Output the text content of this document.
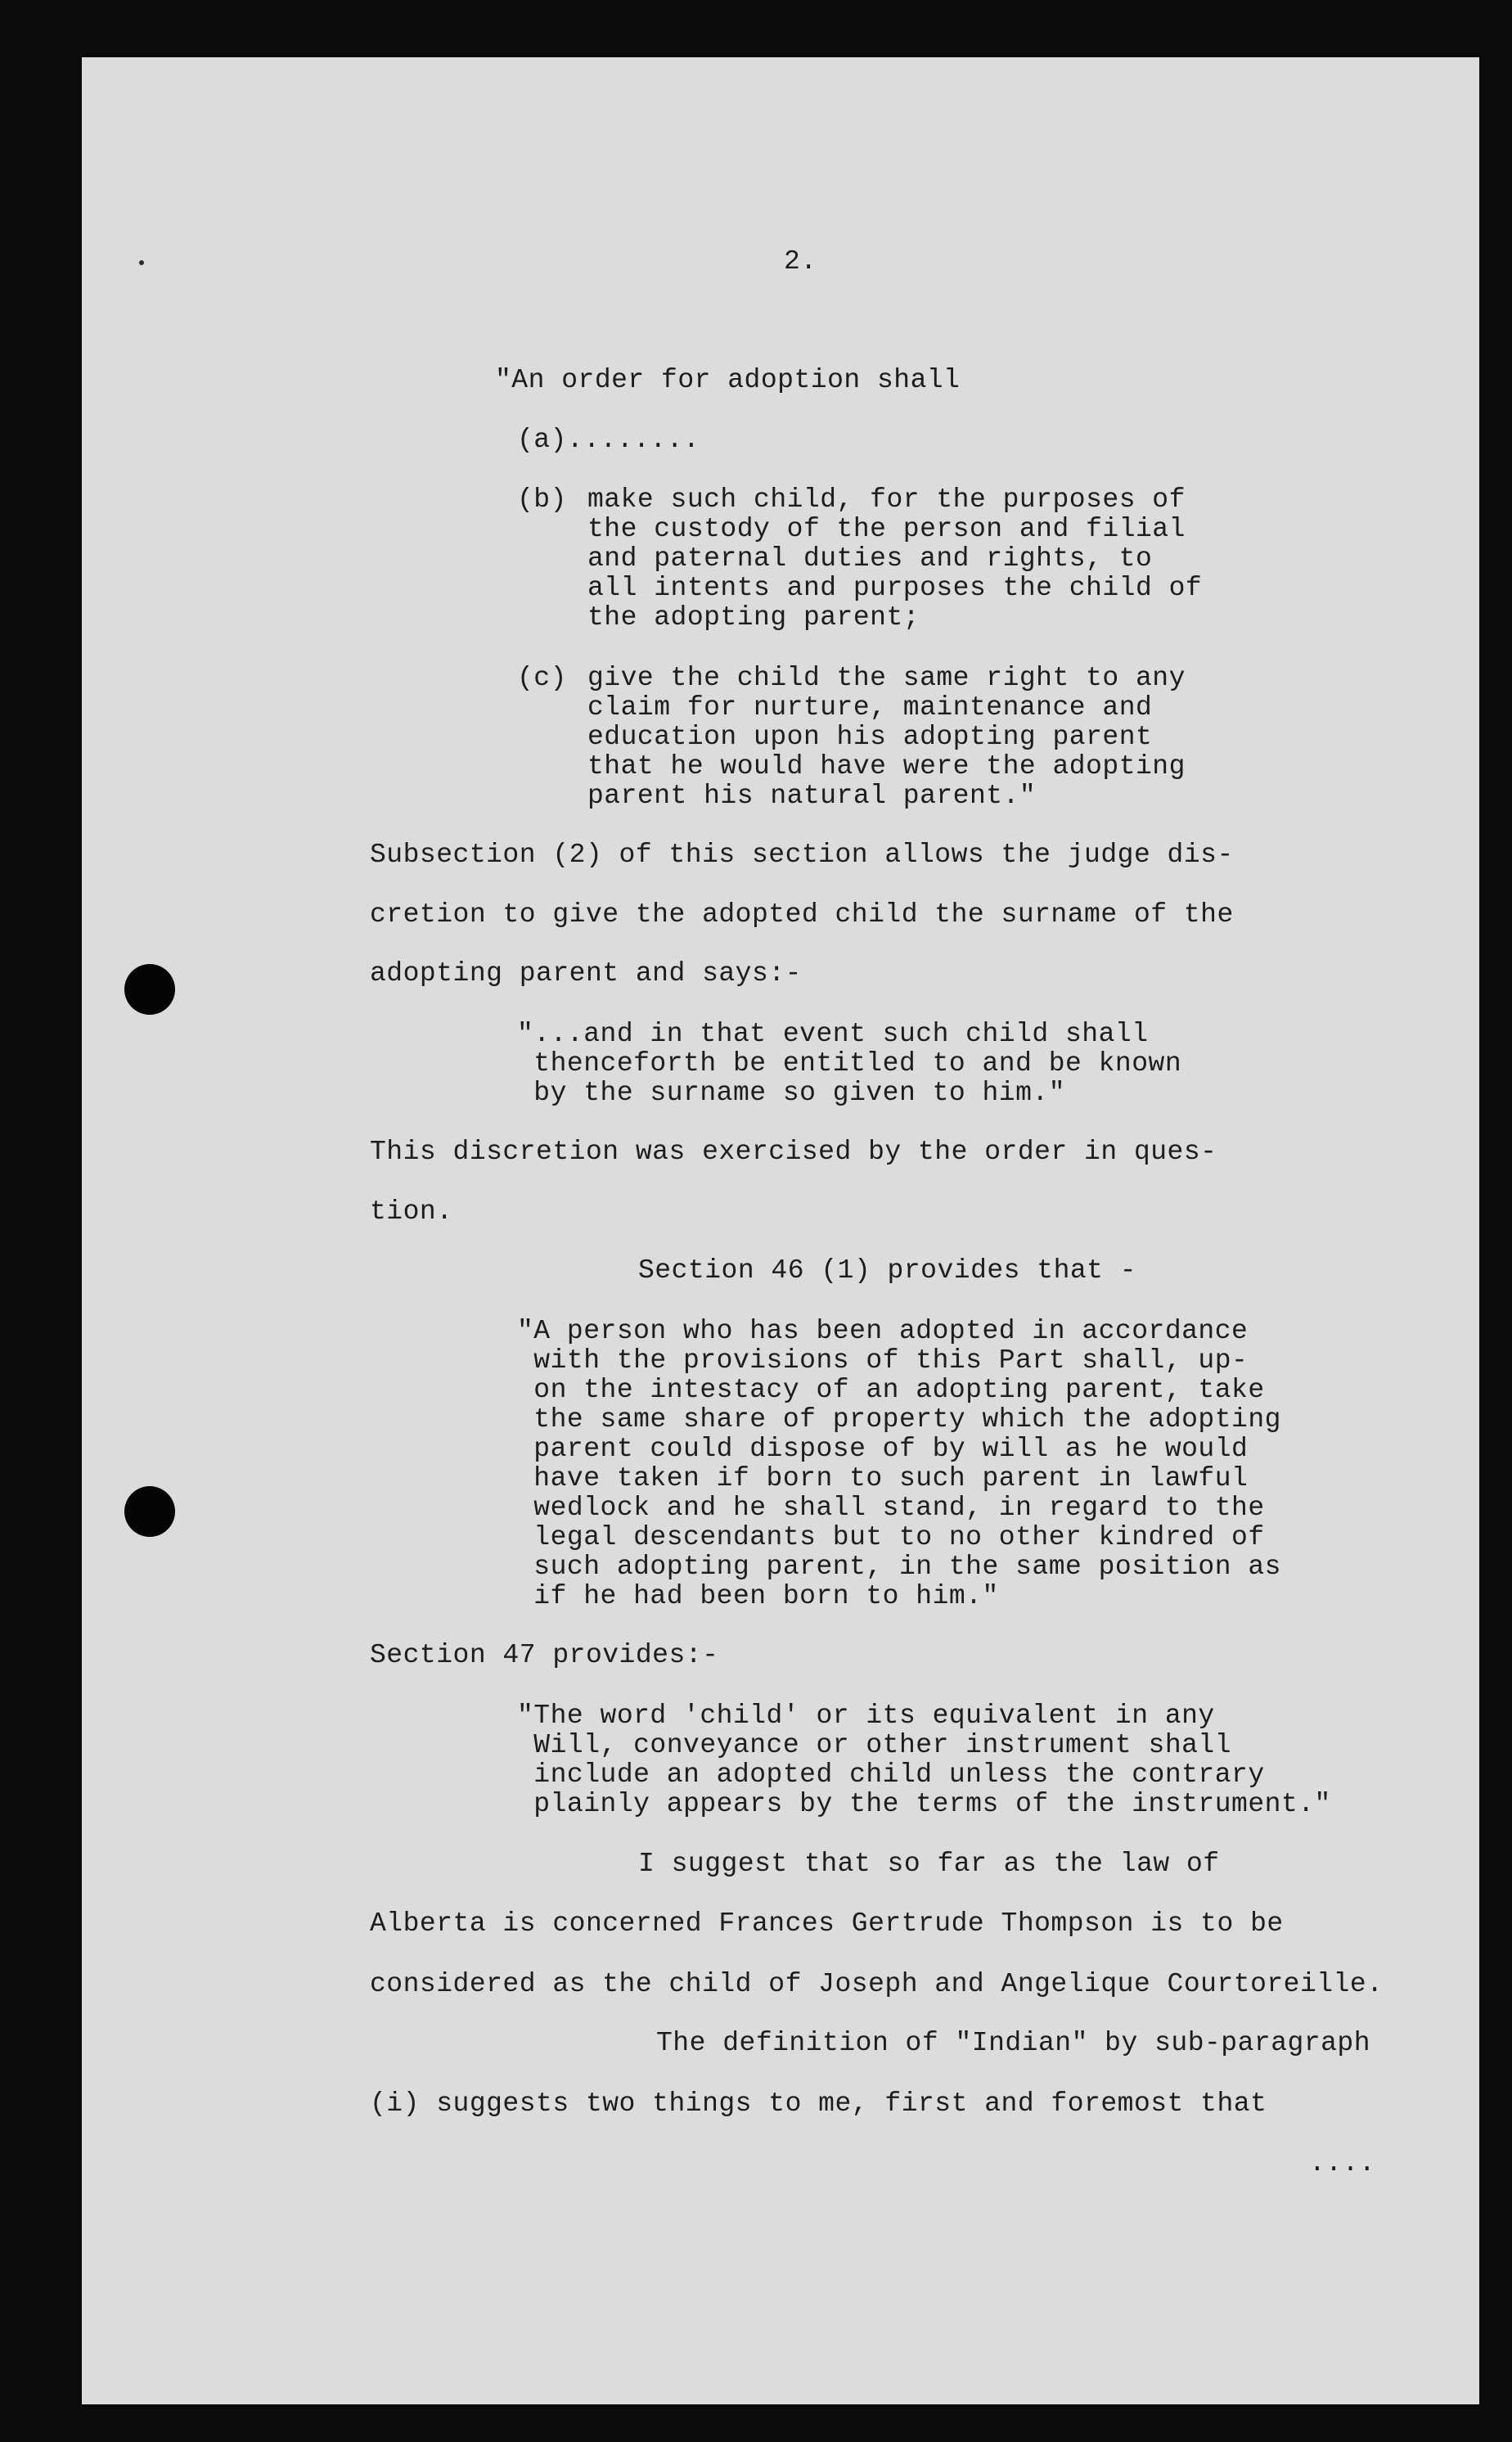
2.

"An order for adoption shall

(a)........

(b) make such child, for the purposes of

the custody of the person and filial

and paternal duties and rights, to

all intents and purposes the child of

the adopting parent;

(c) give the child the same right to any

claim for nurture, maintenance and

education upon his adopting parent

that he would have were the adopting

parent his natural parent."

Subsection (2) of this section allows the judge dis-

cretion to give the adopted child the surname of the

adopting parent and says:-

"...and in that event such child shall

thenceforth be entitled to and be known

by the surname so given to him."

This discretion was exercised by the order in ques-

tion.

Section 46 (1) provides that -

"A person who has been adopted in accordance

with the provisions of this Part shall, up-

on the intestacy of an adopting parent, take

the same share of property which the adopting

parent could dispose of by will as he would

have taken if born to such parent in lawful

wedlock and he shall stand, in regard to the

legal descendants but to no other kindred of

such adopting parent, in the same position as

if he had been born to him."

Section 47 provides:-

"The word 'child' or its equivalent in any

Will, conveyance or other instrument shall

include an adopted child unless the contrary

plainly appears by the terms of the instrument."

I suggest that so far as the law of

Alberta is concerned Frances Gertrude Thompson is to be

considered as the child of Joseph and Angelique Courtoreille.

The definition of "Indian" by sub-paragraph

(i) suggests two things to me, first and foremost that

....
